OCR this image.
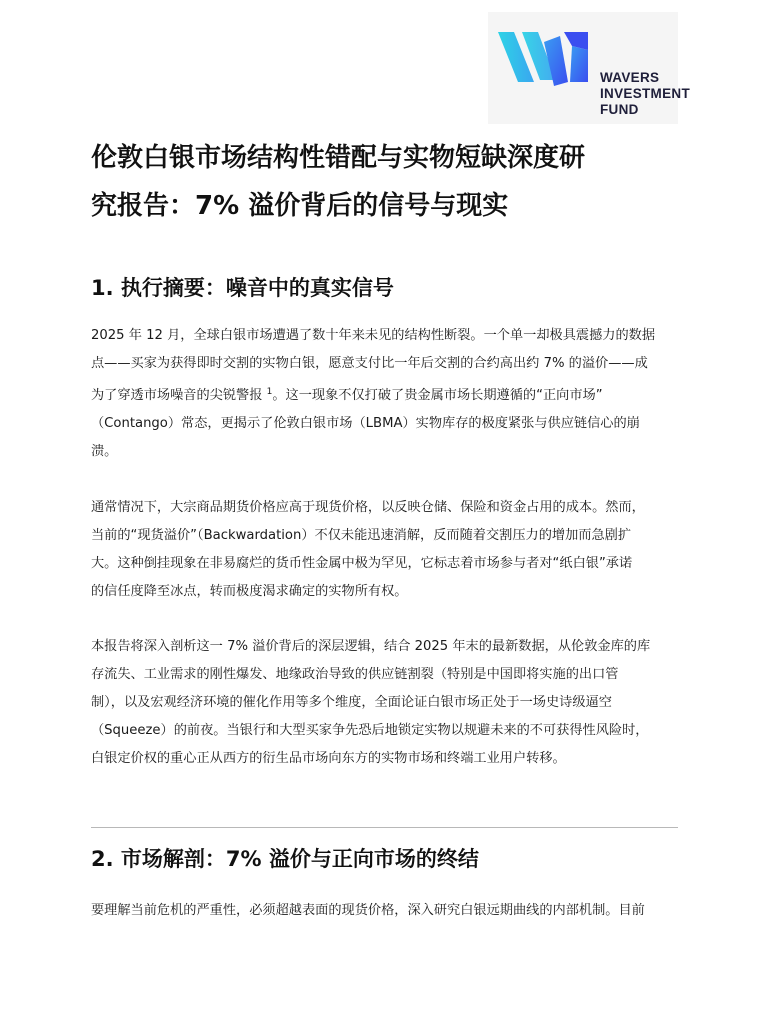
WAVERS
INVESTMENT
FUND
伦敦白银市场结构性错配与实物短缺深度研
究报告：7% 溢价背后的信号与现实
1. 执行摘要：噪音中的真实信号

2025 年 12 月，全球白银市场遭遇了数十年来未见的结构性断裂。一个单一却极具震撼力的数据
点——买家为获得即时交割的实物白银，愿意支付比一年后交割的合约高出约 7% 的溢价——成
为了穿透市场噪音的尖锐警报 $^1$。这一现象不仅打破了贵金属市场长期遵循的“正向市场”
（Contango）常态，更揭示了伦敦白银市场（LBMA）实物库存的极度紧张与供应链信心的崩
溃。

通常情况下，大宗商品期货价格应高于现货价格，以反映仓储、保险和资金占用的成本。然而，
当前的“现货溢价”（Backwardation）不仅未能迅速消解，反而随着交割压力的增加而急剧扩
大。这种倒挂现象在非易腐烂的货币性金属中极为罕见，它标志着市场参与者对“纸白银”承诺
的信任度降至冰点，转而极度渴求确定的实物所有权。

本报告将深入剖析这一 7% 溢价背后的深层逻辑，结合 2025 年末的最新数据，从伦敦金库的库
存流失、工业需求的刚性爆发、地缘政治导致的供应链割裂（特别是中国即将实施的出口管
制），以及宏观经济环境的催化作用等多个维度，全面论证白银市场正处于一场史诗级逼空
（Squeeze）的前夜。当银行和大型买家争先恐后地锁定实物以规避未来的不可获得性风险时，
白银定价权的重心正从西方的衍生品市场向东方的实物市场和终端工业用户转移。

2. 市场解剖：7% 溢价与正向市场的终结

要理解当前危机的严重性，必须超越表面的现货价格，深入研究白银远期曲线的内部机制。目前
